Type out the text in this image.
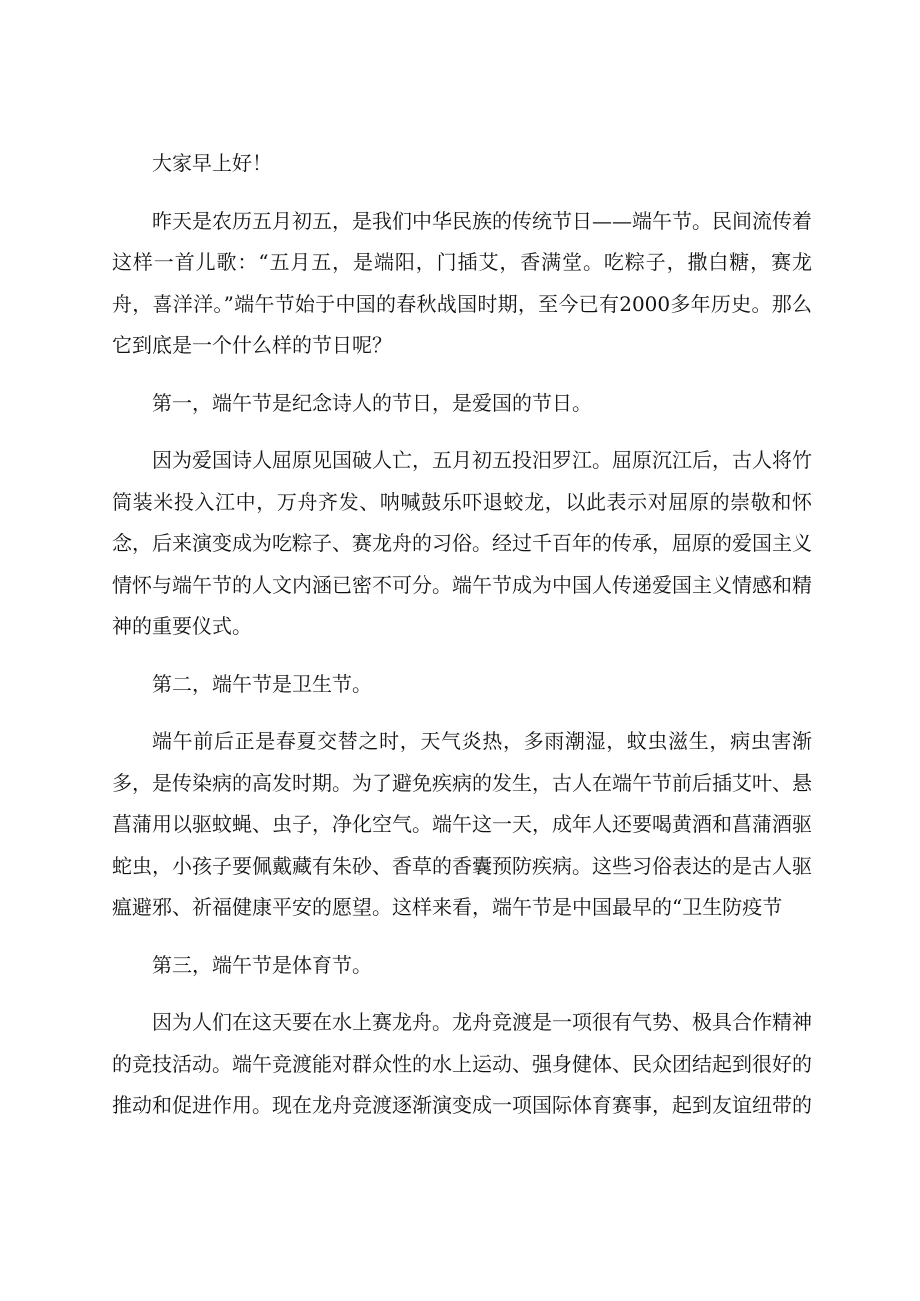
大家早上好！

昨天是农历五月初五，是我们中华民族的传统节日——端午节。民间流传着这样一首儿歌：“五月五，是端阳，门插艾，香满堂。吃粽子，撒白糖，赛龙舟，喜洋洋。”端午节始于中国的春秋战国时期，至今已有2000多年历史。那么它到底是一个什么样的节日呢？

第一，端午节是纪念诗人的节日，是爱国的节日。

因为爱国诗人屈原见国破人亡，五月初五投汨罗江。屈原沉江后，古人将竹筒装米投入江中，万舟齐发、呐喊鼓乐吓退蛟龙，以此表示对屈原的崇敬和怀念，后来演变成为吃粽子、赛龙舟的习俗。经过千百年的传承，屈原的爱国主义情怀与端午节的人文内涵已密不可分。端午节成为中国人传递爱国主义情感和精神的重要仪式。

第二，端午节是卫生节。

端午前后正是春夏交替之时，天气炎热，多雨潮湿，蚊虫滋生，病虫害渐多，是传染病的高发时期。为了避免疾病的发生，古人在端午节前后插艾叶、悬菖蒲用以驱蚊蝇、虫子，净化空气。端午这一天，成年人还要喝黄酒和菖蒲酒驱蛇虫，小孩子要佩戴藏有朱砂、香草的香囊预防疾病。这些习俗表达的是古人驱瘟避邪、祈福健康平安的愿望。这样来看，端午节是中国最早的“卫生防疫节

第三，端午节是体育节。

因为人们在这天要在水上赛龙舟。龙舟竞渡是一项很有气势、极具合作精神的竞技活动。端午竞渡能对群众性的水上运动、强身健体、民众团结起到很好的推动和促进作用。现在龙舟竞渡逐渐演变成一项国际体育赛事，起到友谊纽带的
